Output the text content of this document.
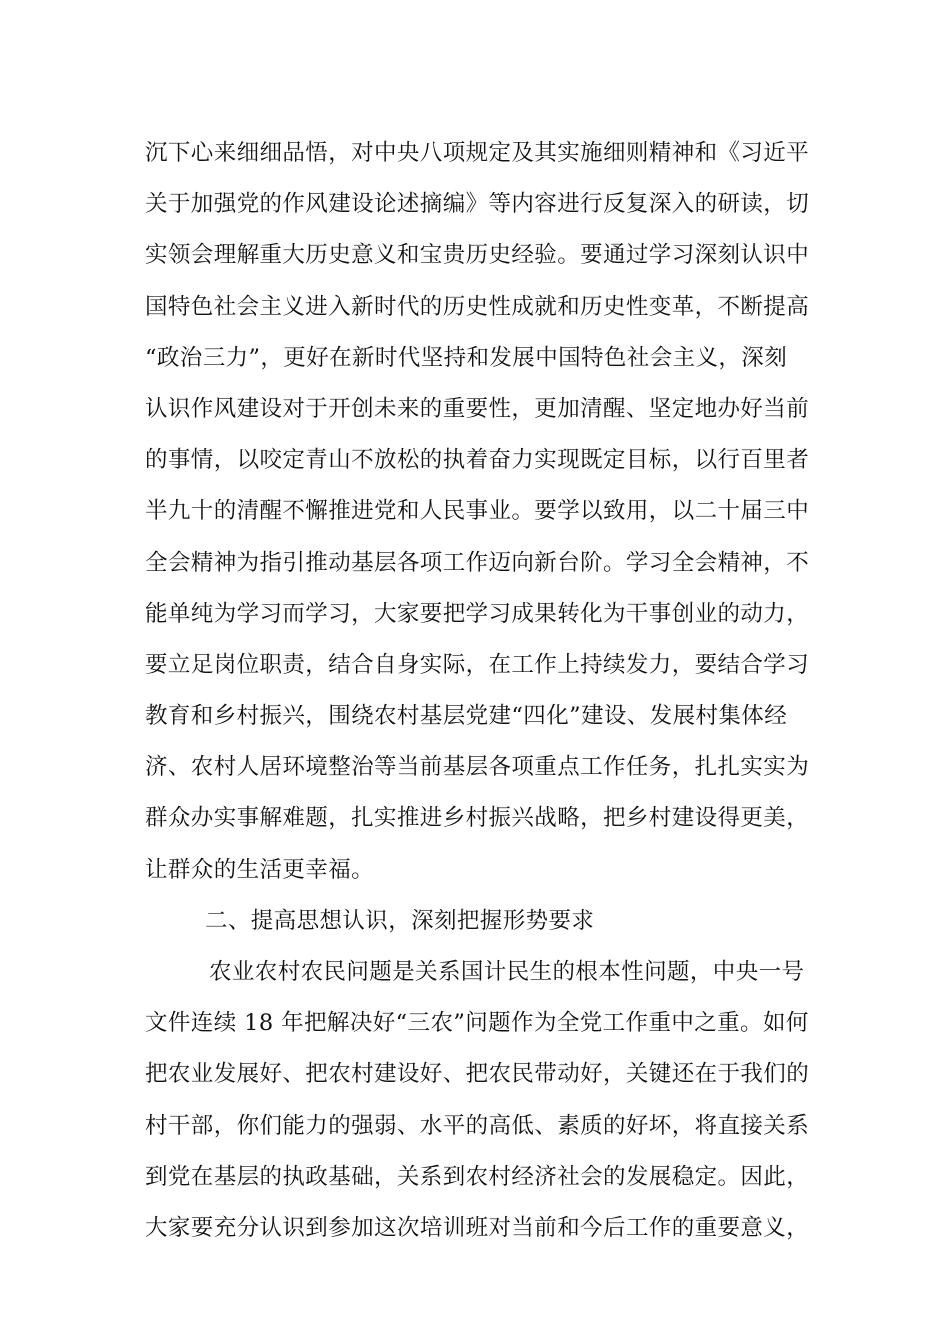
沉下心来细细品悟，对中央八项规定及其实施细则精神和《习近平
关于加强党的作风建设论述摘编》等内容进行反复深入的研读，切
实领会理解重大历史意义和宝贵历史经验。要通过学习深刻认识中
国特色社会主义进入新时代的历史性成就和历史性变革，不断提高
“政治三力”，更好在新时代坚持和发展中国特色社会主义，深刻
认识作风建设对于开创未来的重要性，更加清醒、坚定地办好当前
的事情，以咬定青山不放松的执着奋力实现既定目标，以行百里者
半九十的清醒不懈推进党和人民事业。要学以致用，以二十届三中
全会精神为指引推动基层各项工作迈向新台阶。学习全会精神，不
能单纯为学习而学习，大家要把学习成果转化为干事创业的动力，
要立足岗位职责，结合自身实际，在工作上持续发力，要结合学习
教育和乡村振兴，围绕农村基层党建“四化”建设、发展村集体经
济、农村人居环境整治等当前基层各项重点工作任务，扎扎实实为
群众办实事解难题，扎实推进乡村振兴战略，把乡村建设得更美，
让群众的生活更幸福。
二、提高思想认识，深刻把握形势要求
农业农村农民问题是关系国计民生的根本性问题，中央一号
文件连续 18 年把解决好“三农”问题作为全党工作重中之重。如何
把农业发展好、把农村建设好、把农民带动好，关键还在于我们的
村干部，你们能力的强弱、水平的高低、素质的好坏，将直接关系
到党在基层的执政基础，关系到农村经济社会的发展稳定。因此，
大家要充分认识到参加这次培训班对当前和今后工作的重要意义，
